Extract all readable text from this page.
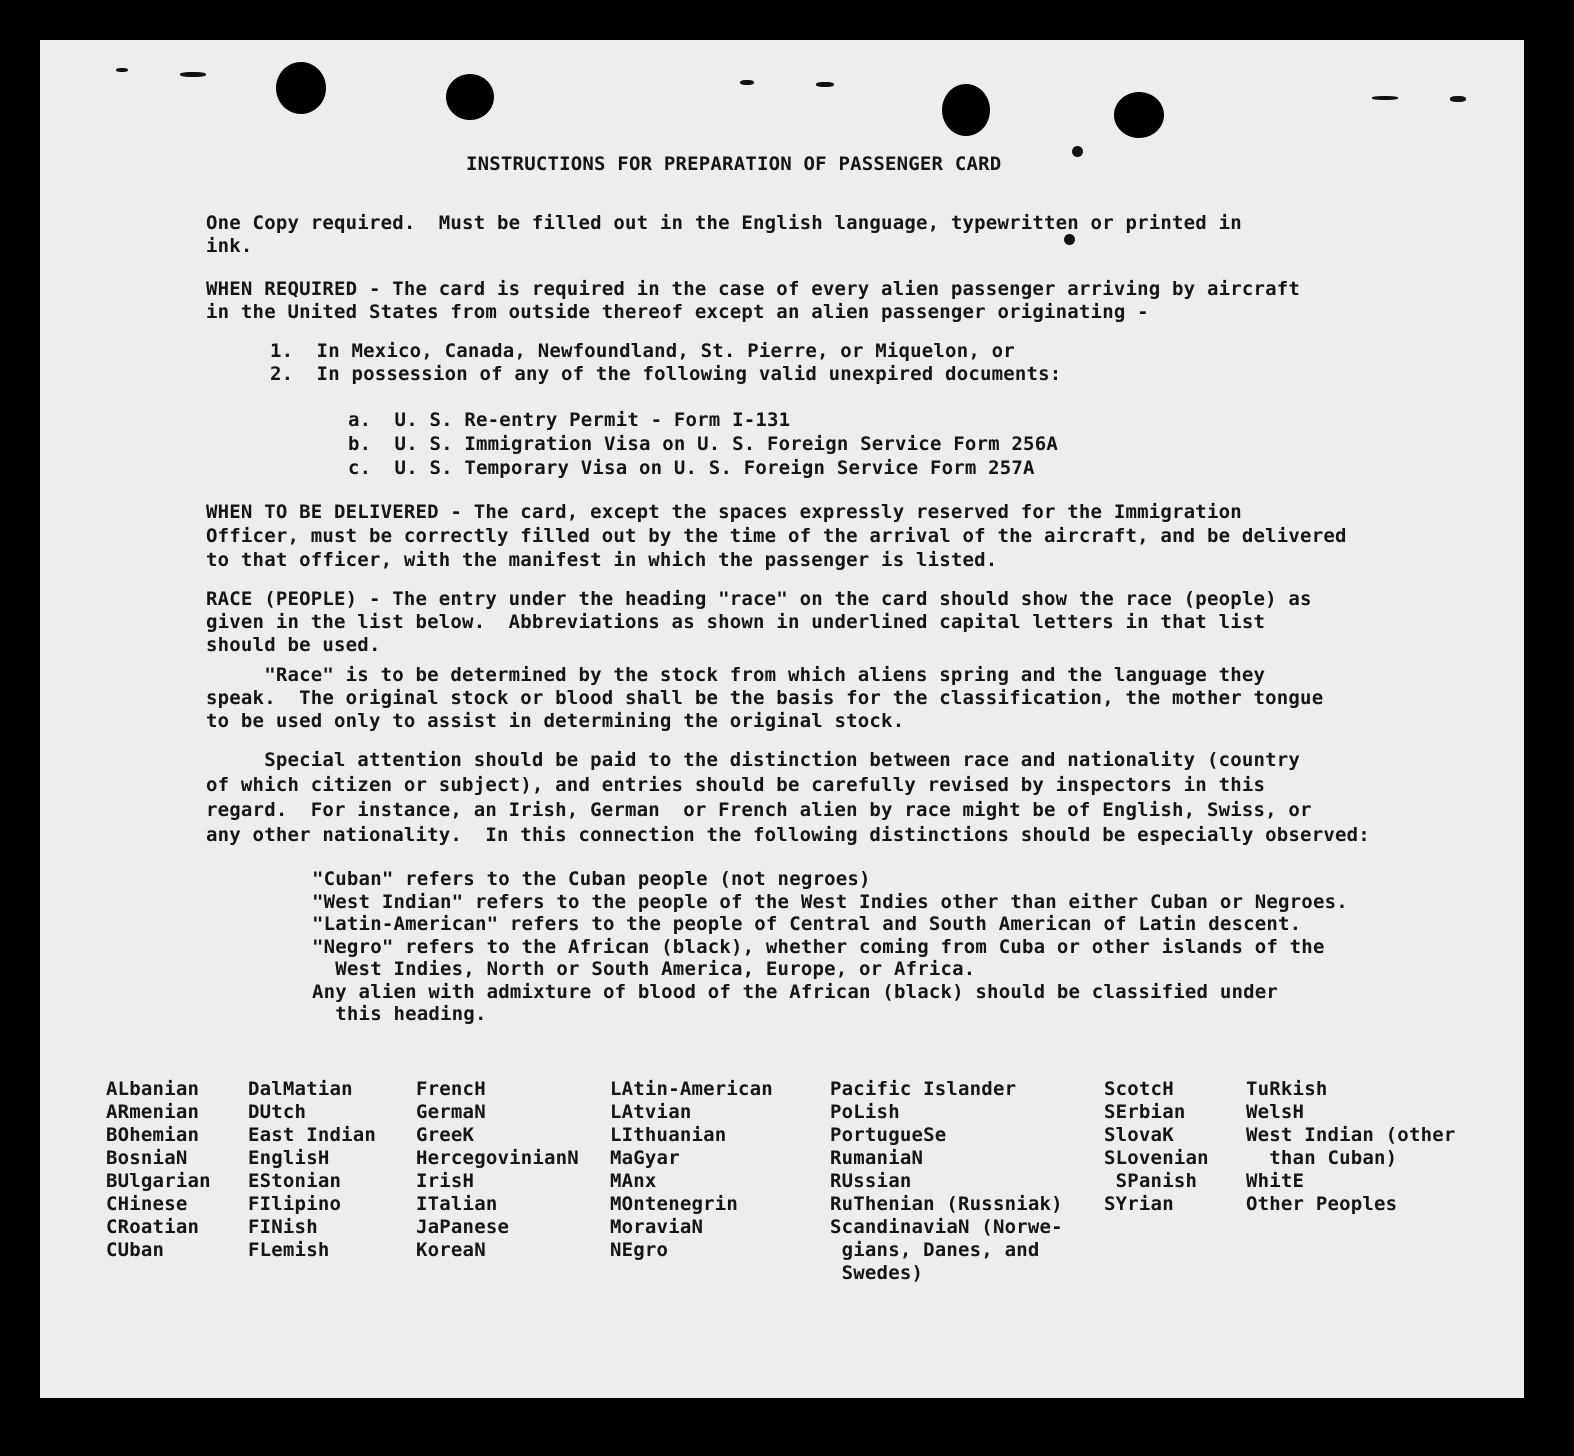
INSTRUCTIONS FOR PREPARATION OF PASSENGER CARD
One Copy required.  Must be filled out in the English language, typewritten or printed in
ink.
WHEN REQUIRED - The card is required in the case of every alien passenger arriving by aircraft
in the United States from outside thereof except an alien passenger originating -
1.  In Mexico, Canada, Newfoundland, St. Pierre, or Miquelon, or
2.  In possession of any of the following valid unexpired documents:
a.  U. S. Re-entry Permit - Form I-131
b.  U. S. Immigration Visa on U. S. Foreign Service Form 256A
c.  U. S. Temporary Visa on U. S. Foreign Service Form 257A
WHEN TO BE DELIVERED - The card, except the spaces expressly reserved for the Immigration
Officer, must be correctly filled out by the time of the arrival of the aircraft, and be delivered
to that officer, with the manifest in which the passenger is listed.
RACE (PEOPLE) - The entry under the heading "race" on the card should show the race (people) as
given in the list below.  Abbreviations as shown in underlined capital letters in that list
should be used.
"Race" is to be determined by the stock from which aliens spring and the language they
speak.  The original stock or blood shall be the basis for the classification, the mother tongue
to be used only to assist in determining the original stock.
Special attention should be paid to the distinction between race and nationality (country
of which citizen or subject), and entries should be carefully revised by inspectors in this
regard.  For instance, an Irish, German  or French alien by race might be of English, Swiss, or
any other nationality.  In this connection the following distinctions should be especially observed:
"Cuban" refers to the Cuban people (not negroes)
"West Indian" refers to the people of the West Indies other than either Cuban or Negroes.
"Latin-American" refers to the people of Central and South American of Latin descent.
"Negro" refers to the African (black), whether coming from Cuba or other islands of the
West Indies, North or South America, Europe, or Africa.
Any alien with admixture of blood of the African (black) should be classified under
this heading.
ALbanian
ARmenian
BOhemian
BosniaN
BUlgarian
CHinese
CRoatian
CUban
DalMatian
DUtch
East Indian
EnglisH
EStonian
FIlipino
FINish
FLemish
FrencH
GermaN
GreeK
HercegovinianN
IrisH
ITalian
JaPanese
KoreaN
LAtin-American
LAtvian
LIthuanian
MaGyar
MAnx
MOntenegrin
MoraviaN
NEgro
Pacific Islander
PoLish
PortugueSe
RumaniaN
RUssian
RuThenian (Russniak)
ScandinaviaN (Norwe-
gians, Danes, and
Swedes)
ScotcH
SErbian
SlovaK
SLovenian
SPanish
SYrian
TuRkish
WelsH
West Indian (other
than Cuban)
WhitE
Other Peoples
